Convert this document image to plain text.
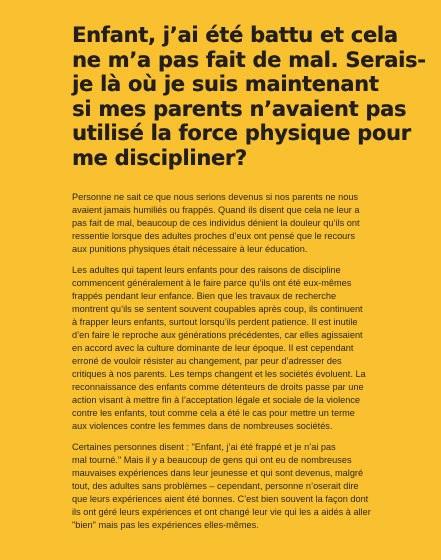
Enfant, j’ai été battu et cela
ne m’a pas fait de mal. Serais-
je là où je suis maintenant
si mes parents n’avaient pas
utilisé la force physique pour
me discipliner?

Personne ne sait ce que nous serions devenus si nos parents ne nous
avaient jamais humiliés ou frappés. Quand ils disent que cela ne leur a
pas fait de mal, beaucoup de ces individus dénient la douleur qu’ils ont
ressentie lorsque des adultes proches d’eux ont pensé que le recours
aux punitions physiques était nécessaire à leur éducation.

Les adultes qui tapent leurs enfants pour des raisons de discipline
commencent généralement à le faire parce qu’ils ont été eux-mêmes
frappés pendant leur enfance. Bien que les travaux de recherche
montrent qu’ils se sentent souvent coupables après coup, ils continuent
à frapper leurs enfants, surtout lorsqu’ils perdent patience. Il est inutile
d’en faire le reproche aux générations précédentes, car elles agissaient
en accord avec la culture dominante de leur époque. Il est cependant
erroné de vouloir résister au changement, par peur d’adresser des
critiques à nos parents. Les temps changent et les sociétés évoluent. La
reconnaissance des enfants comme détenteurs de droits passe par une
action visant à mettre fin à l’acceptation légale et sociale de la violence
contre les enfants, tout comme cela a été le cas pour mettre un terme
aux violences contre les femmes dans de nombreuses sociétés.

Certaines personnes disent : "Enfant, j’ai été frappé et je n’ai pas
mal tourné." Mais il y a beaucoup de gens qui ont eu de nombreuses
mauvaises expériences dans leur jeunesse et qui sont devenus, malgré
tout, des adultes sans problèmes – cependant, personne n’oserait dire
que leurs expériences aient été bonnes. C’est bien souvent la façon dont
ils ont géré leurs expériences et ont changé leur vie qui les a aidés à aller
"bien" mais pas les expériences elles-mêmes.
